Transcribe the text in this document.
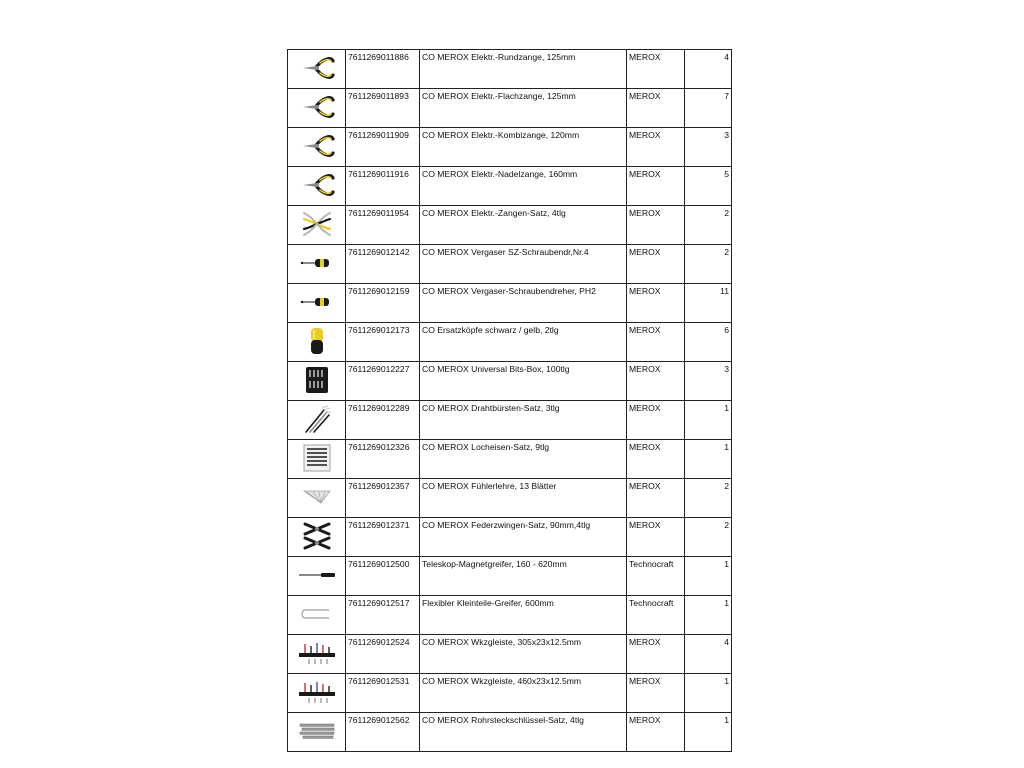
	7611269011886	CO MEROX Elektr.-Rundzange, 125mm	MEROX	4

	7611269011893	CO MEROX Elektr.-Flachzange, 125mm	MEROX	7

	7611269011909	CO MEROX Elektr.-Kombizange, 120mm	MEROX	3

	7611269011916	CO MEROX Elektr.-Nadelzange, 160mm	MEROX	5

	7611269011954	CO MEROX Elektr.-Zangen-Satz, 4tlg	MEROX	2

	7611269012142	CO MEROX Vergaser SZ-Schraubendr,Nr.4	MEROX	2

	7611269012159	CO MEROX Vergaser-Schraubendreher, PH2	MEROX	11

	7611269012173	CO Ersatzköpfe schwarz / gelb, 2tlg	MEROX	6

	7611269012227	CO MEROX Universal Bits-Box, 100tlg	MEROX	3

	7611269012289	CO MEROX Drahtbürsten-Satz, 3tlg	MEROX	1

	7611269012326	CO MEROX Locheisen-Satz, 9tlg	MEROX	1

	7611269012357	CO MEROX Fühlerlehre, 13 Blätter	MEROX	2

	7611269012371	CO MEROX Federzwingen-Satz, 90mm,4tlg	MEROX	2

	7611269012500	Teleskop-Magnetgreifer, 160 - 620mm	Technocraft	1

	7611269012517	Flexibler Kleinteile-Greifer, 600mm	Technocraft	1

	7611269012524	CO MEROX Wkzgleiste, 305x23x12.5mm	MEROX	4

	7611269012531	CO MEROX Wkzgleiste, 460x23x12.5mm	MEROX	1

	7611269012562	CO MEROX Rohrsteckschlüssel-Satz, 4tlg	MEROX	1
